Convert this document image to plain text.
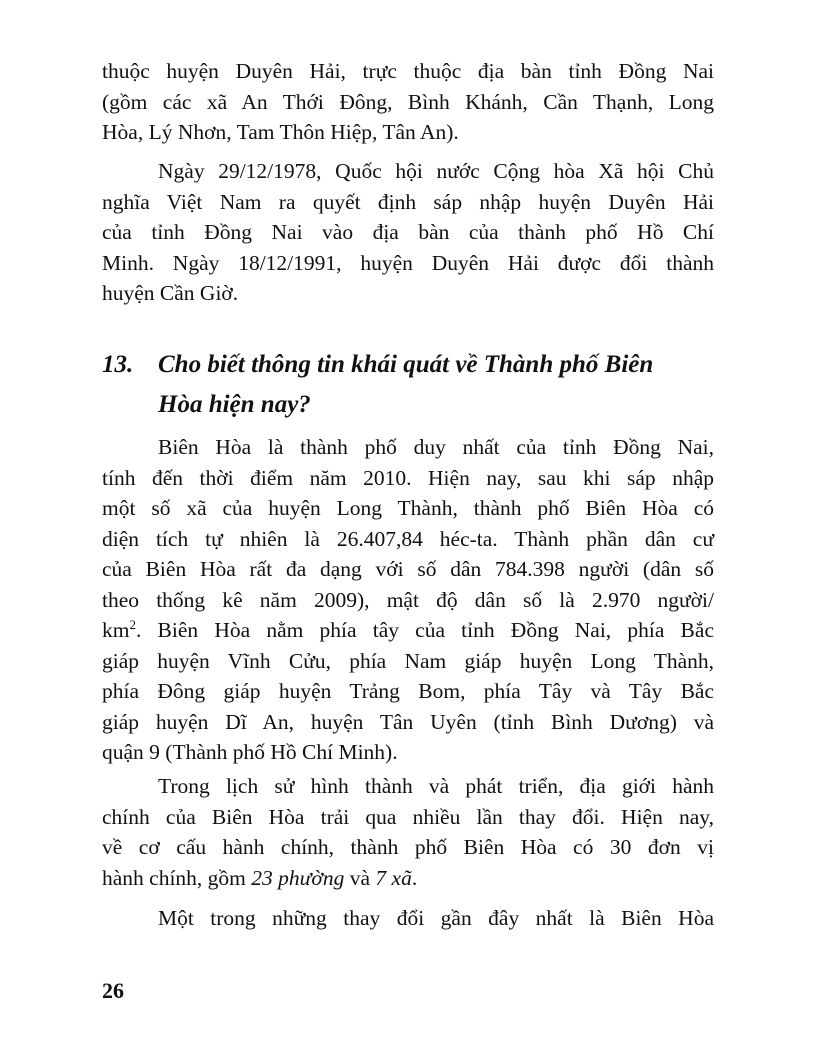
thuộc huyện Duyên Hải, trực thuộc địa bàn tỉnh Đồng Nai
(gồm các xã An Thới Đông, Bình Khánh, Cần Thạnh, Long
Hòa, Lý Nhơn, Tam Thôn Hiệp, Tân An).
Ngày 29/12/1978, Quốc hội nước Cộng hòa Xã hội Chủ
nghĩa Việt Nam ra quyết định sáp nhập huyện Duyên Hải
của tỉnh Đồng Nai vào địa bàn của thành phố Hồ Chí
Minh. Ngày 18/12/1991, huyện Duyên Hải được đổi thành
huyện Cần Giờ.
13. Cho biết thông tin khái quát về Thành phố Biên
Hòa hiện nay?
Biên Hòa là thành phố duy nhất của tỉnh Đồng Nai,
tính đến thời điểm năm 2010. Hiện nay, sau khi sáp nhập
một số xã của huyện Long Thành, thành phố Biên Hòa có
diện tích tự nhiên là 26.407,84 héc-ta. Thành phần dân cư
của Biên Hòa rất đa dạng với số dân 784.398 người (dân số
theo thống kê năm 2009), mật độ dân số là 2.970 người/
$km^2$. Biên Hòa nằm phía tây của tỉnh Đồng Nai, phía Bắc
giáp huyện Vĩnh Cửu, phía Nam giáp huyện Long Thành,
phía Đông giáp huyện Trảng Bom, phía Tây và Tây Bắc
giáp huyện Dĩ An, huyện Tân Uyên (tỉnh Bình Dương) và
quận 9 (Thành phố Hồ Chí Minh).
Trong lịch sử hình thành và phát triển, địa giới hành
chính của Biên Hòa trải qua nhiều lần thay đổi. Hiện nay,
về cơ cấu hành chính, thành phố Biên Hòa có 30 đơn vị
hành chính, gồm 23 phường và 7 xã.
Một trong những thay đổi gần đây nhất là Biên Hòa
26
